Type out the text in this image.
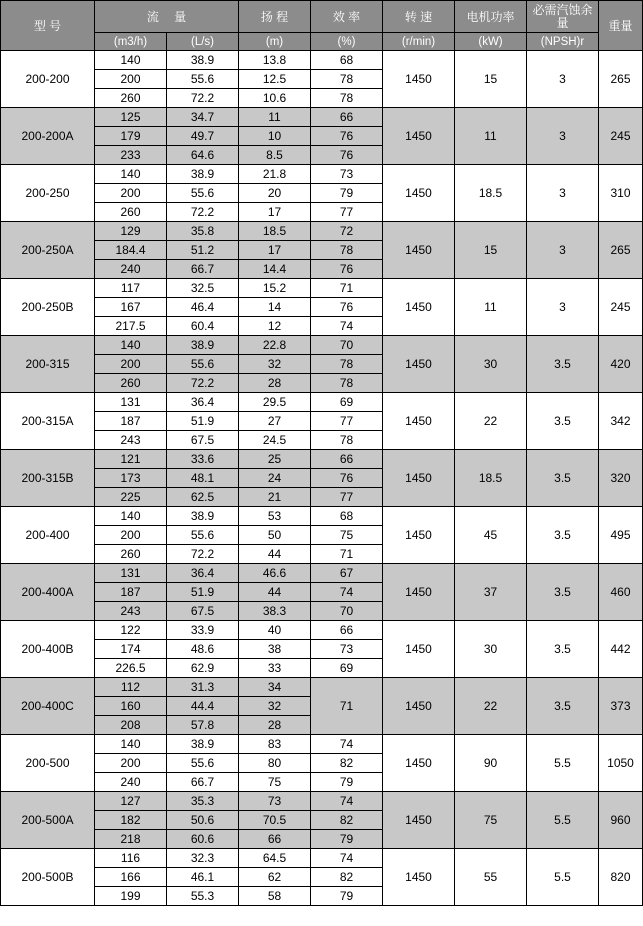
型 号	流　 量		扬 程	效 率	转 速	电机功率	必需汽蚀余量	重量
	(m3/h)	(L/s)	(m)	(%)	(r/min)	(kW)	(NPSH)r	
200-200	140	38.9	13.8	68	1450	15	3	265
	200	55.6	12.5	78				
	260	72.2	10.6	78				
200-200A	125	34.7	11	66	1450	11	3	245
	179	49.7	10	76				
	233	64.6	8.5	76				
200-250	140	38.9	21.8	73	1450	18.5	3	310
	200	55.6	20	79				
	260	72.2	17	77				
200-250A	129	35.8	18.5	72	1450	15	3	265
	184.4	51.2	17	78				
	240	66.7	14.4	76				
200-250B	117	32.5	15.2	71	1450	11	3	245
	167	46.4	14	76				
	217.5	60.4	12	74				
200-315	140	38.9	22.8	70	1450	30	3.5	420
	200	55.6	32	78				
	260	72.2	28	78				
200-315A	131	36.4	29.5	69	1450	22	3.5	342
	187	51.9	27	77				
	243	67.5	24.5	78				
200-315B	121	33.6	25	66	1450	18.5	3.5	320
	173	48.1	24	76				
	225	62.5	21	77				
200-400	140	38.9	53	68	1450	45	3.5	495
	200	55.6	50	75				
	260	72.2	44	71				
200-400A	131	36.4	46.6	67	1450	37	3.5	460
	187	51.9	44	74				
	243	67.5	38.3	70				
200-400B	122	33.9	40	66	1450	30	3.5	442
	174	48.6	38	73				
	226.5	62.9	33	69				
200-400C	112	31.3	34	71	1450	22	3.5	373
	160	44.4	32					
	208	57.8	28					
200-500	140	38.9	83	74	1450	90	5.5	1050
	200	55.6	80	82				
	240	66.7	75	79				
200-500A	127	35.3	73	74	1450	75	5.5	960
	182	50.6	70.5	82				
	218	60.6	66	79				
200-500B	116	32.3	64.5	74	1450	55	5.5	820
	166	46.1	62	82				
	199	55.3	58	79				
